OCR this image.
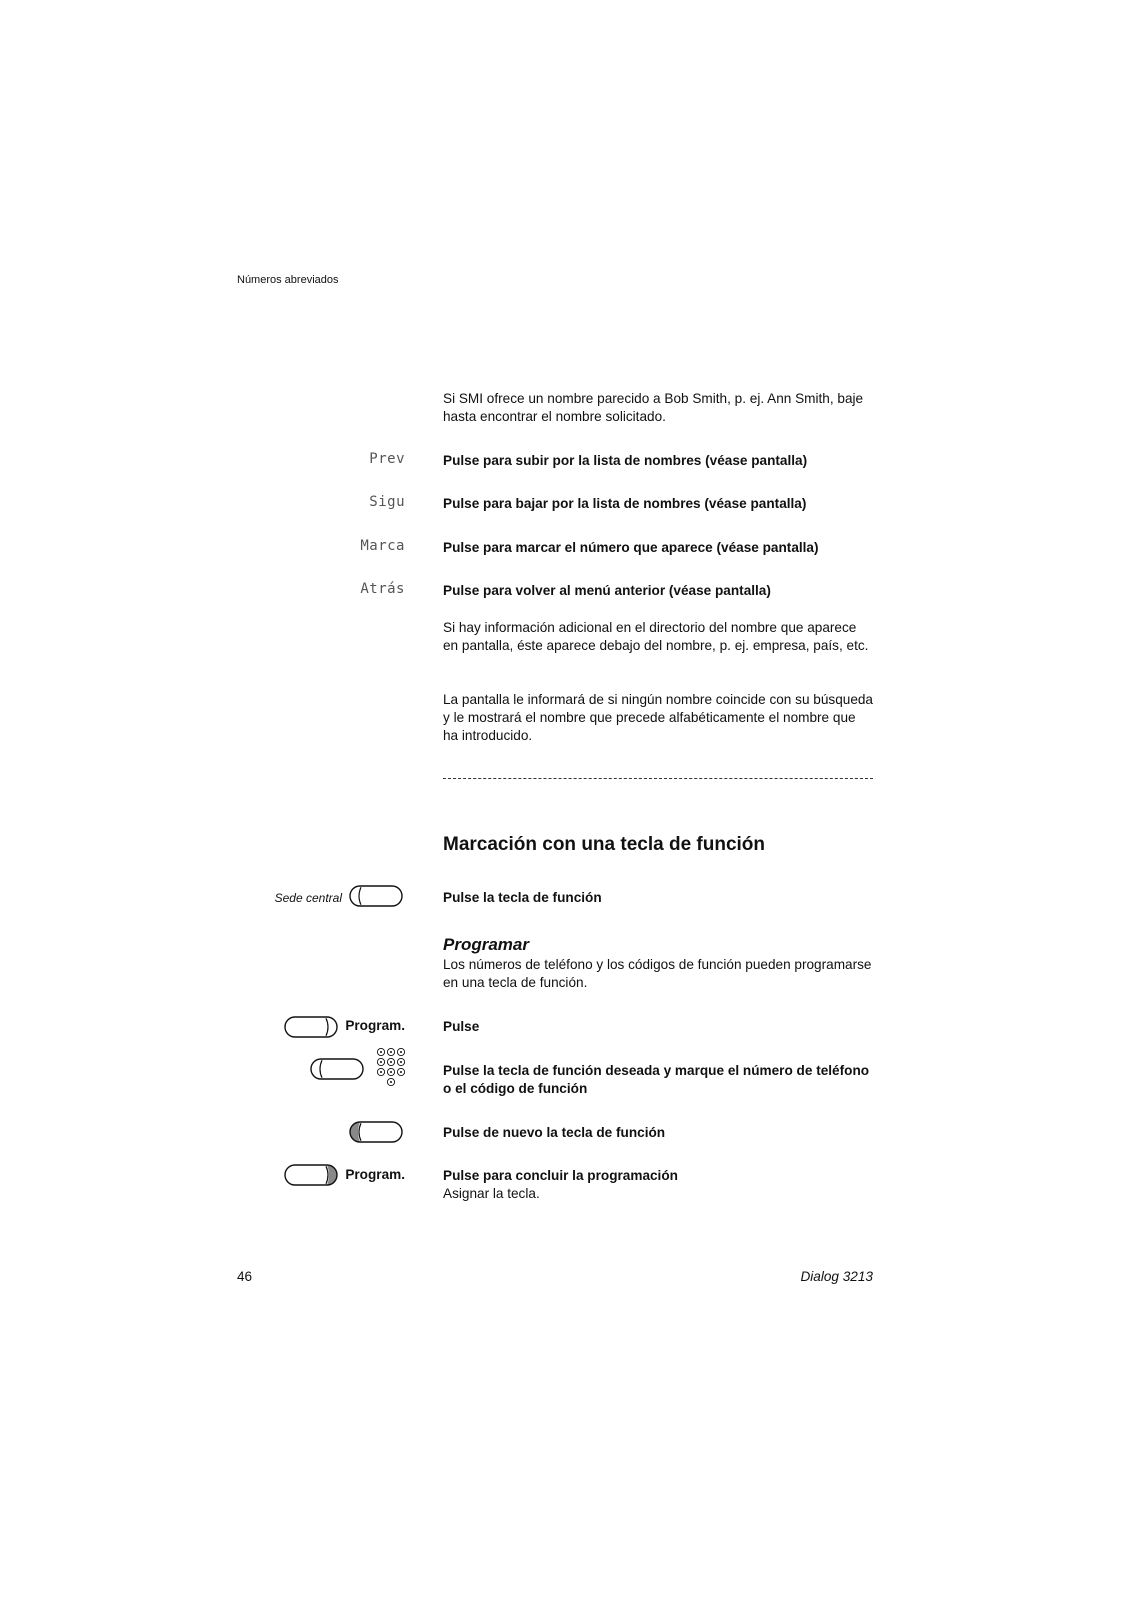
Números abreviados
Si SMI ofrece un nombre parecido a Bob Smith, p. ej. Ann Smith, baje hasta encontrar el nombre solicitado.
Prev	Pulse para subir por la lista de nombres (véase pantalla)
Sigu	Pulse para bajar por la lista de nombres (véase pantalla)
Marca	Pulse para marcar el número que aparece (véase pantalla)
Atrás	Pulse para volver al menú anterior (véase pantalla)
Si hay información adicional en el directorio del nombre que aparece en pantalla, éste aparece debajo del nombre, p. ej. empresa, país, etc.
La pantalla le informará de si ningún nombre coincide con su búsqueda y le mostrará el nombre que precede alfabéticamente el nombre que ha introducido.
Marcación con una tecla de función
Sede central	Pulse la tecla de función
Programar
Los números de teléfono y los códigos de función pueden programarse en una tecla de función.
Program.	Pulse
Pulse la tecla de función deseada y marque el número de teléfono o el código de función
Pulse de nuevo la tecla de función
Program.	Pulse para concluir la programación
Asignar la tecla.
46	Dialog 3213
